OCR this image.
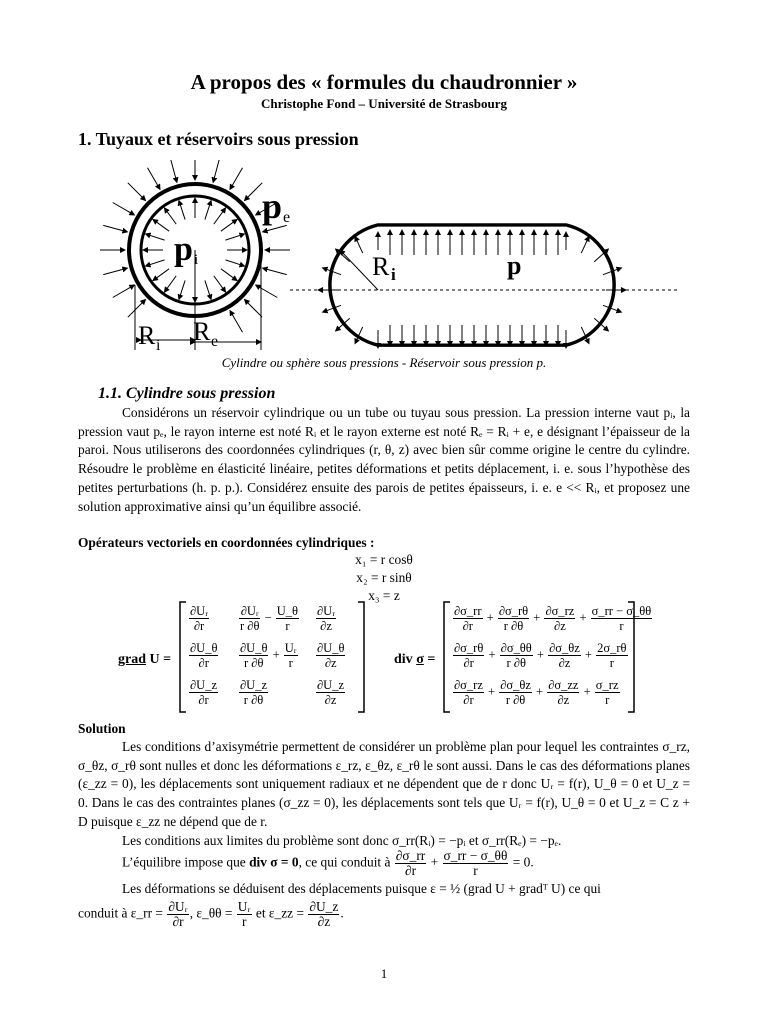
A propos des « formules du chaudronnier »
Christophe Fond – Université de Strasbourg
1. Tuyaux et réservoirs sous pression
p e
p i
R i R e
R i	p
Cylindre ou sphère sous pressions - Réservoir sous pression p.
1.1. Cylindre sous pression

Considérons un réservoir cylindrique ou un tube ou tuyau sous pression. La pression interne vaut pᵢ, la pression vaut pₑ, le rayon interne est noté Rᵢ et le rayon externe est noté Rₑ = Rᵢ + e, e désignant l’épaisseur de la paroi. Nous utiliserons des coordonnées cylindriques (r, θ, z) avec bien sûr comme origine le centre du cylindre. Résoudre le problème en élasticité linéaire, petites déformations et petits déplacement, i. e. sous l’hypothèse des petites perturbations (h. p. p.). Considérez ensuite des parois de petites épaisseurs, i. e. e << Rᵢ, et proposez une solution approximative ainsi qu’un équilibre associé.

Opérateurs vectoriels en coordonnées cylindriques :
x₁ = r cosθ
x₂ = r sinθ
x₃ = z
grad U =
$\frac{\text{∂Uᵣ}}{\partial r} \frac{\text{∂Uᵣ}}{r \partial\theta} - \frac{U\_\theta}{r} \frac{\text{∂Uᵣ}}{\partial z}$
$\frac{\partial U\_\theta}{\partial r} \frac{\partial U\_\theta}{r \partial\theta} + \frac{\text{Uᵣ}}{r} \frac{\partial U\_\theta}{\partial z}$
$\frac{\partial U\_z}{\partial r} \frac{\partial U\_z}{r \partial\theta}$	$\frac{\partial U\_z}{\partial z}$
div σ =
$\frac{\partial\sigma\_rr}{\partial r} + \frac{\partial\sigma\_r\theta}{r \partial\theta} + \frac{\partial\sigma\_rz}{\partial z} + \frac{\sigma\_rr - \sigma\_\theta\theta}{r}$
$\frac{\partial\sigma\_r\theta}{\partial r} + \frac{\partial\sigma\_\theta\theta}{r \partial\theta} + \frac{\partial\sigma\_\theta z}{\partial z} + \frac{2\sigma\_r\theta}{r}$
$\frac{\partial\sigma\_rz}{\partial r} + \frac{\partial\sigma\_\theta z}{r \partial\theta} + \frac{\partial\sigma\_zz}{\partial z} + \frac{\sigma\_rz}{r}$
Solution

Les conditions d’axisymétrie permettent de considérer un problème plan pour lequel les contraintes σ_rz, σ_θz, σ_rθ sont nulles et donc les déformations ε_rz, ε_θz, ε_rθ le sont aussi. Dans le cas des déformations planes (ε_zz = 0), les déplacements sont uniquement radiaux et ne dépendent que de r donc Uᵣ = f(r), U_θ = 0 et U_z = 0. Dans le cas des contraintes planes (σ_zz = 0), les déplacements sont tels que Uᵣ = f(r), U_θ = 0 et U_z = C z + D puisque ε_zz ne dépend que de r.

Les conditions aux limites du problème sont donc σ_rr(Rᵢ) = −pᵢ et σ_rr(Rₑ) = −pₑ.

L’équilibre impose que div σ = 0, ce qui conduit à $\frac{\partial\sigma\_rr}{\partial r} + \frac{\sigma\_rr - \sigma\_\theta\theta}{r} = 0$.
Les déformations se déduisent des déplacements puisque ε = ½ (grad U + gradᵀ U) ce qui
conduit à ε_rr = $\frac{\text{∂Uᵣ}}{\partial r}$ , ε_θθ = $\frac{\text{Uᵣ}}{r}$ et ε_zz = $\frac{\partial U\_z}{\partial z}$ .
1
